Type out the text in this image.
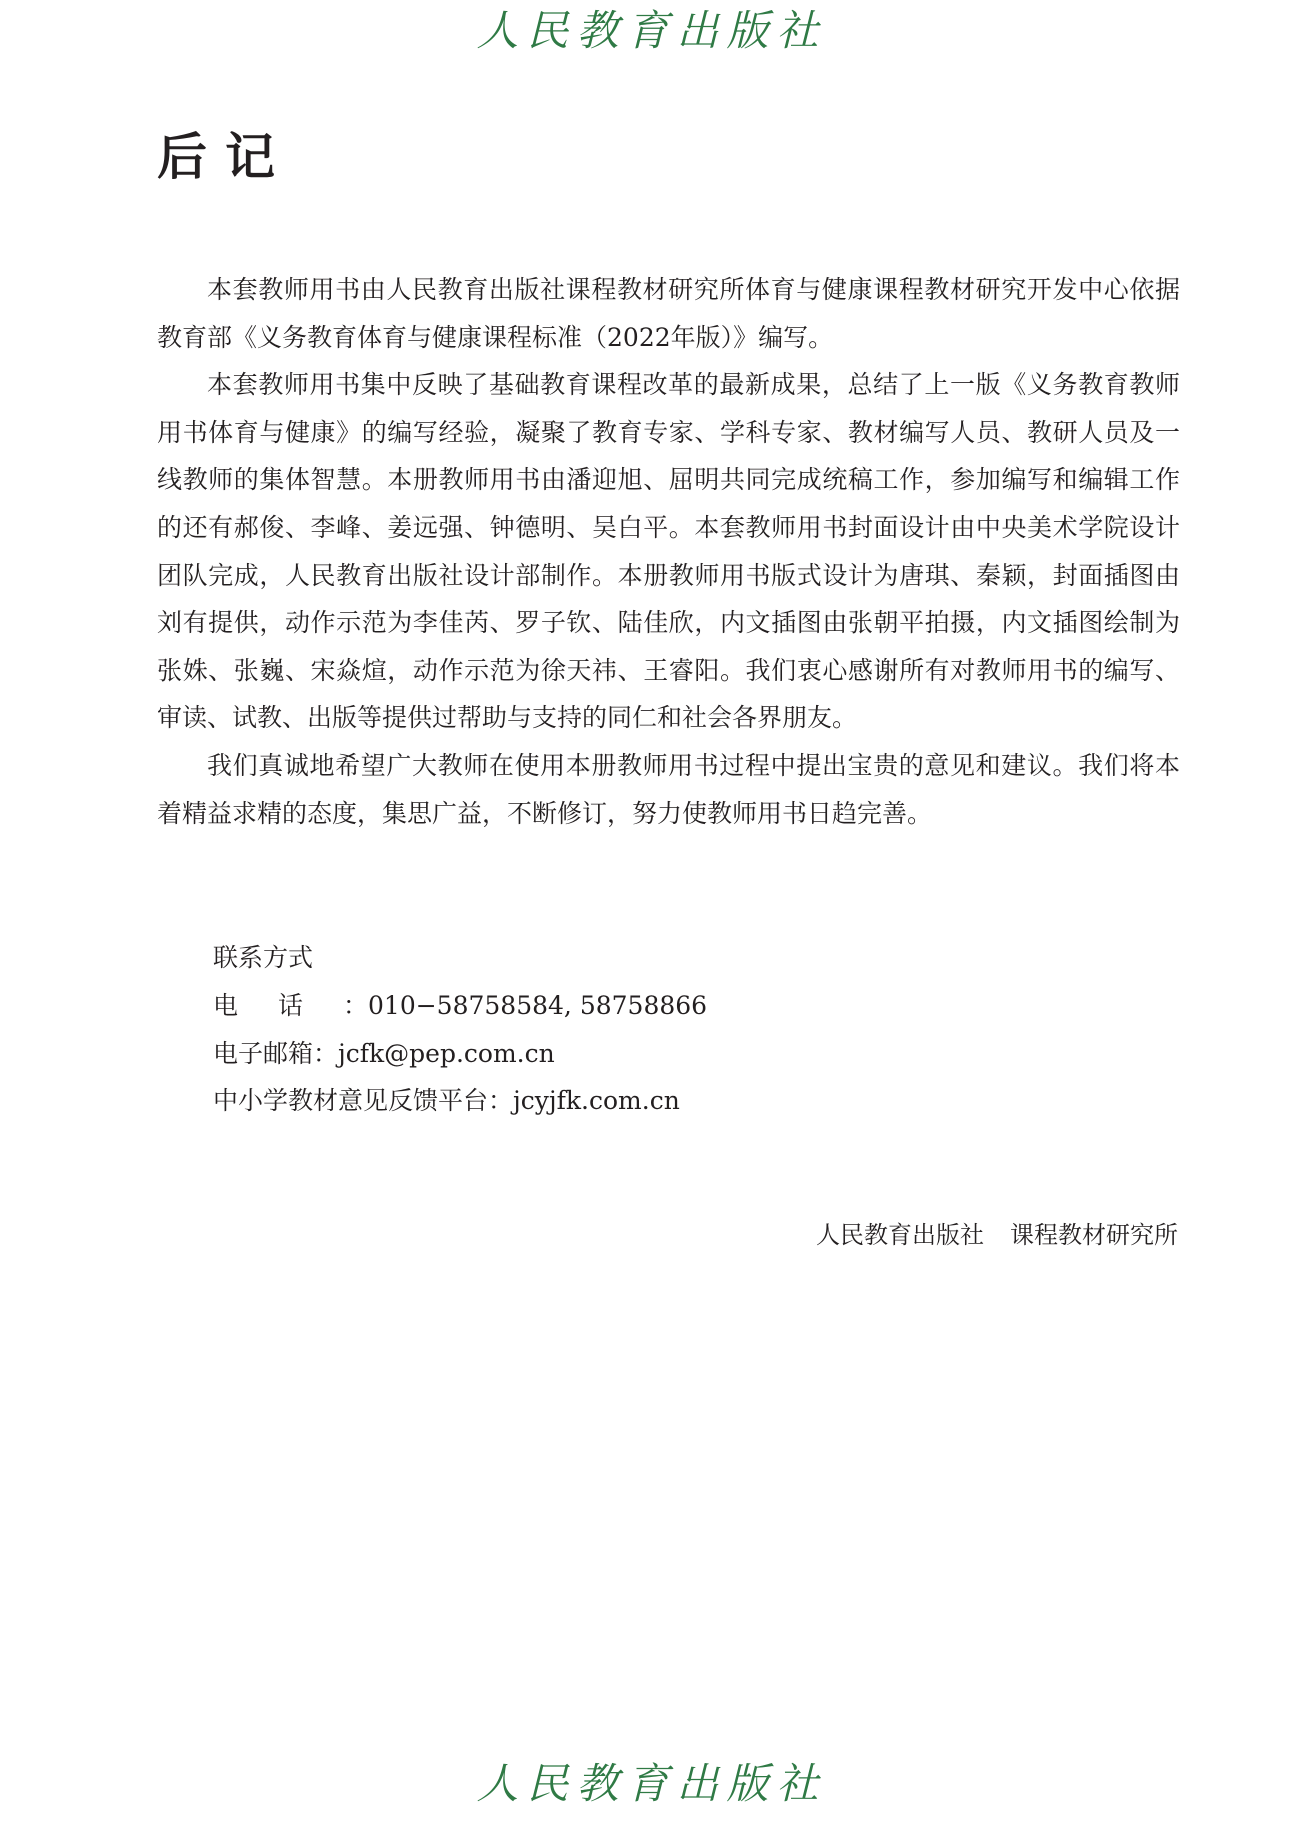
人民教育出版社
后记

本套教师用书由人民教育出版社课程教材研究所体育与健康课程教材研究开发中心依据教育部《义务教育体育与健康课程标准（2022年版）》编写。

本套教师用书集中反映了基础教育课程改革的最新成果，总结了上一版《义务教育教师用书体育与健康》的编写经验，凝聚了教育专家、学科专家、教材编写人员、教研人员及一线教师的集体智慧。本册教师用书由潘迎旭、屈明共同完成统稿工作，参加编写和编辑工作的还有郝俊、李峰、姜远强、钟德明、吴白平。本套教师用书封面设计由中央美术学院设计团队完成，人民教育出版社设计部制作。本册教师用书版式设计为唐琪、秦颖，封面插图由刘有提供，动作示范为李佳芮、罗子钦、陆佳欣，内文插图由张朝平拍摄，内文插图绘制为张姝、张巍、宋焱煊，动作示范为徐天祎、王睿阳。我们衷心感谢所有对教师用书的编写、审读、试教、出版等提供过帮助与支持的同仁和社会各界朋友。

我们真诚地希望广大教师在使用本册教师用书过程中提出宝贵的意见和建议。我们将本着精益求精的态度，集思广益，不断修订，努力使教师用书日趋完善。

联系方式
电话：010−58758584, 58758866
电子邮箱：jcfk@pep.com.cn
中小学教材意见反馈平台：jcyjfk.com.cn
人民教育出版社 课程教材研究所
人民教育出版社
